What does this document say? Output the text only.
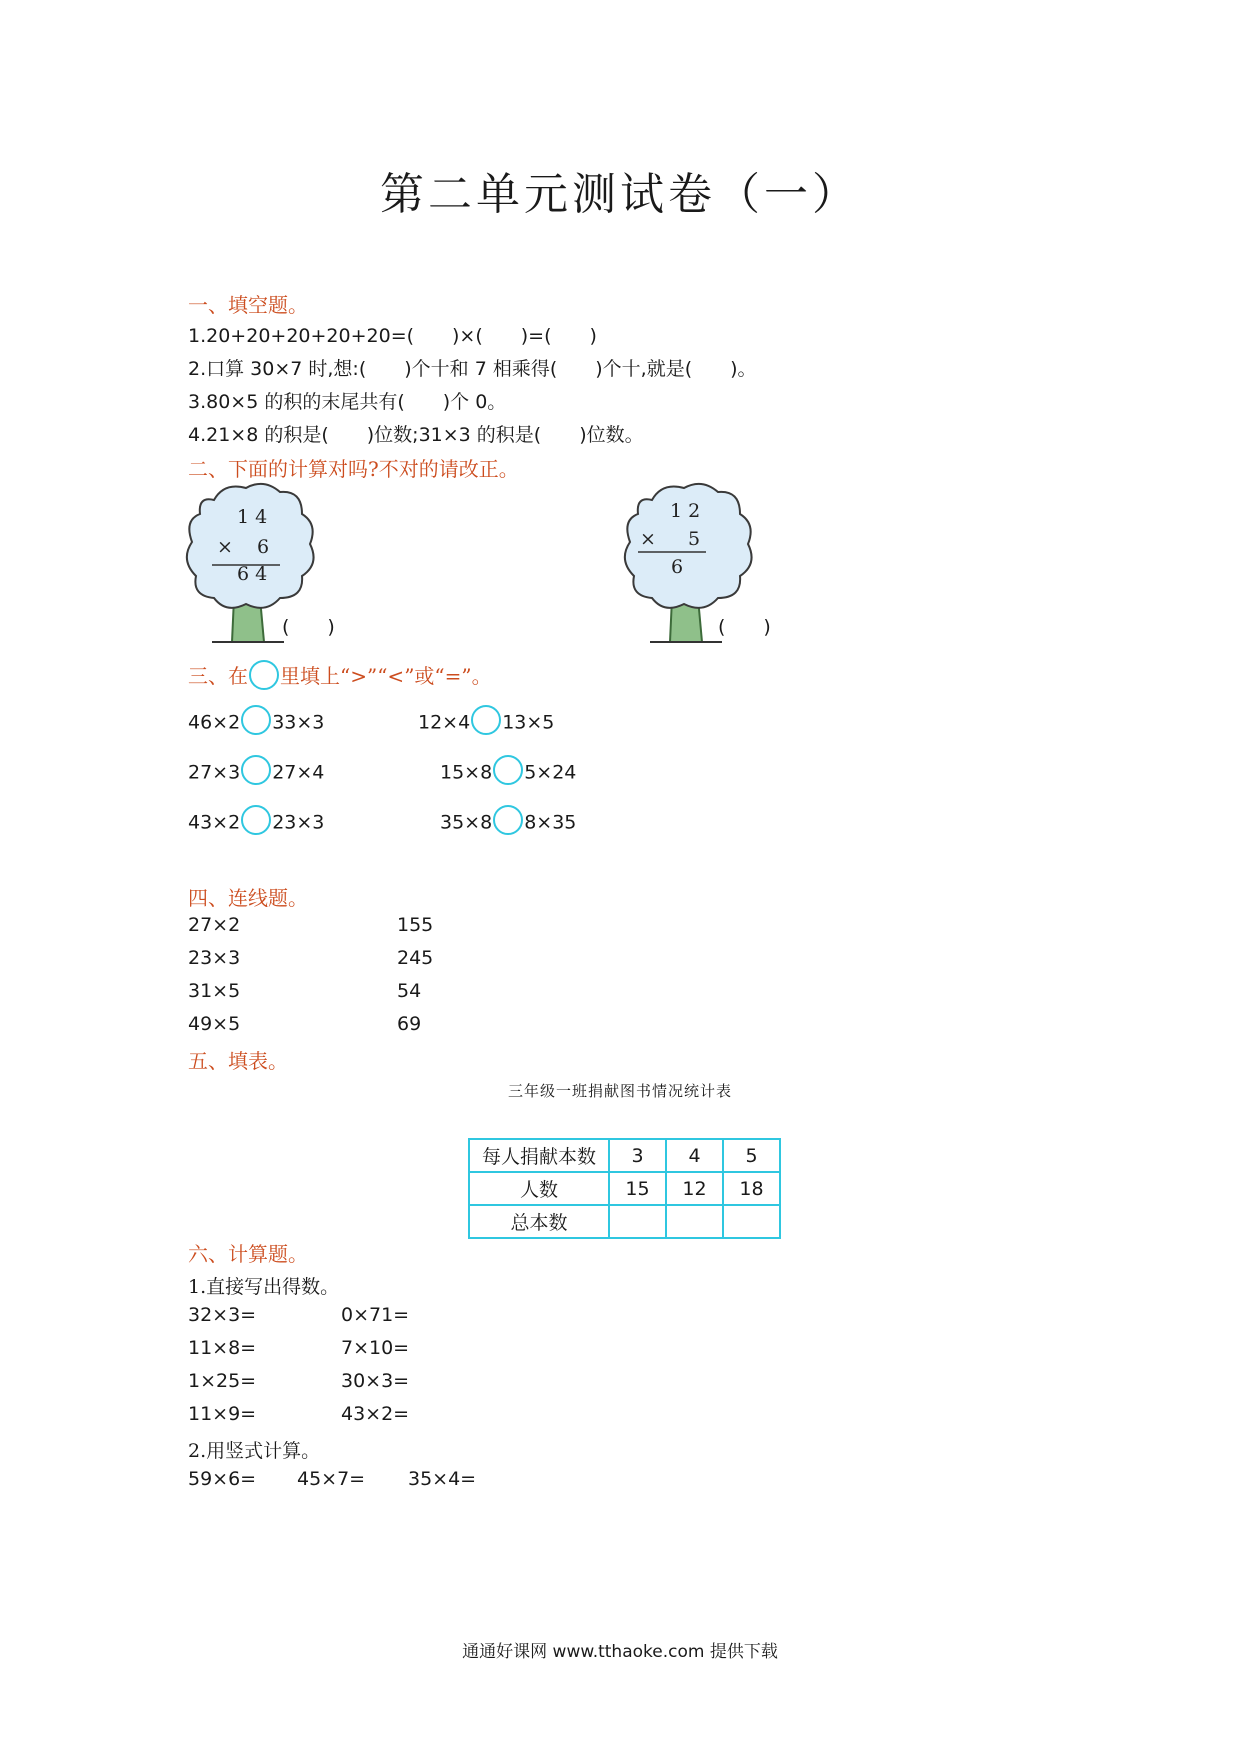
第二单元测试卷（一）
一、填空题。
1.20+20+20+20+20=(　　)×(　　)=(　　)
2.口算 30×7 时,想:(　　)个十和 7 相乘得(　　)个十,就是(　　)。
3.80×5 的积的末尾共有(　　)个 0。
4.21×8 的积是(　　)位数;31×3 的积是(　　)位数。
二、下面的计算对吗?不对的请改正。
1 4
× 6
6 4
(　　)
1 2
× 5
6
(　　)
三、在 里填上“>”“<”或“=”。
46×2 33×3	12×4 13×5
27×3 27×4	15×8 5×24
43×2 23×3	35×8 8×35
四、连线题。
27×2
23×3
31×5
49×5
155
245
54
69
五、填表。
三年级一班捐献图书情况统计表
每人捐献本数	3	4	5
人数	15	12	18
总本数			
六、计算题。
1.直接写出得数。
32×3=	0×71=
11×8=	7×10=
1×25=	30×3=
11×9=	43×2=
2.用竖式计算。
59×6= 45×7= 35×4=
通通好课网 www.tthaoke.com 提供下载
